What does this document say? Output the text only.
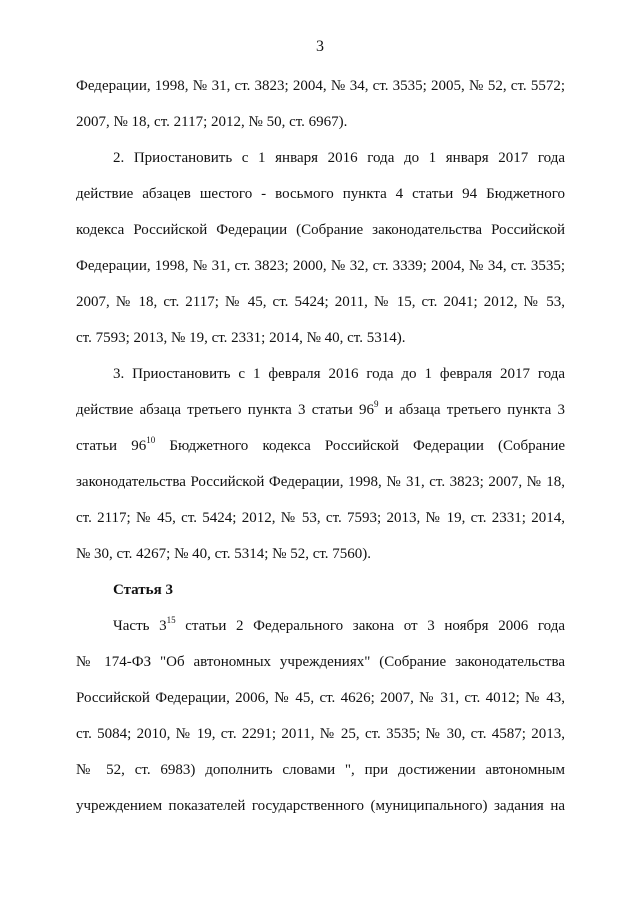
3
Федерации, 1998, № 31, ст. 3823; 2004, № 34, ст. 3535; 2005, № 52, ст. 5572;
2007, № 18, ст. 2117; 2012, № 50, ст. 6967).
2. Приостановить с 1 января 2016 года до 1 января 2017 года
действие абзацев шестого - восьмого пункта 4 статьи 94 Бюджетного
кодекса Российской Федерации (Собрание законодательства Российской
Федерации, 1998, № 31, ст. 3823; 2000, № 32, ст. 3339; 2004, № 34, ст. 3535;
2007, № 18, ст. 2117; № 45, ст. 5424; 2011, № 15, ст. 2041; 2012, № 53,
ст. 7593; 2013, № 19, ст. 2331; 2014, № 40, ст. 5314).
3. Приостановить с 1 февраля 2016 года до 1 февраля 2017 года
действие абзаца третьего пункта 3 статьи $96^9$ и абзаца третьего пункта 3
статьи $96^{10}$ Бюджетного кодекса Российской Федерации (Собрание
законодательства Российской Федерации, 1998, № 31, ст. 3823; 2007, № 18,
ст. 2117; № 45, ст. 5424; 2012, № 53, ст. 7593; 2013, № 19, ст. 2331; 2014,
№ 30, ст. 4267; № 40, ст. 5314; № 52, ст. 7560).
Статья 3
Часть $3^{15}$ статьи 2 Федерального закона от 3 ноября 2006 года
№ 174-ФЗ "Об автономных учреждениях" (Собрание законодательства
Российской Федерации, 2006, № 45, ст. 4626; 2007, № 31, ст. 4012; № 43,
ст. 5084; 2010, № 19, ст. 2291; 2011, № 25, ст. 3535; № 30, ст. 4587; 2013,
№ 52, ст. 6983) дополнить словами ", при достижении автономным
учреждением показателей государственного (муниципального) задания на
